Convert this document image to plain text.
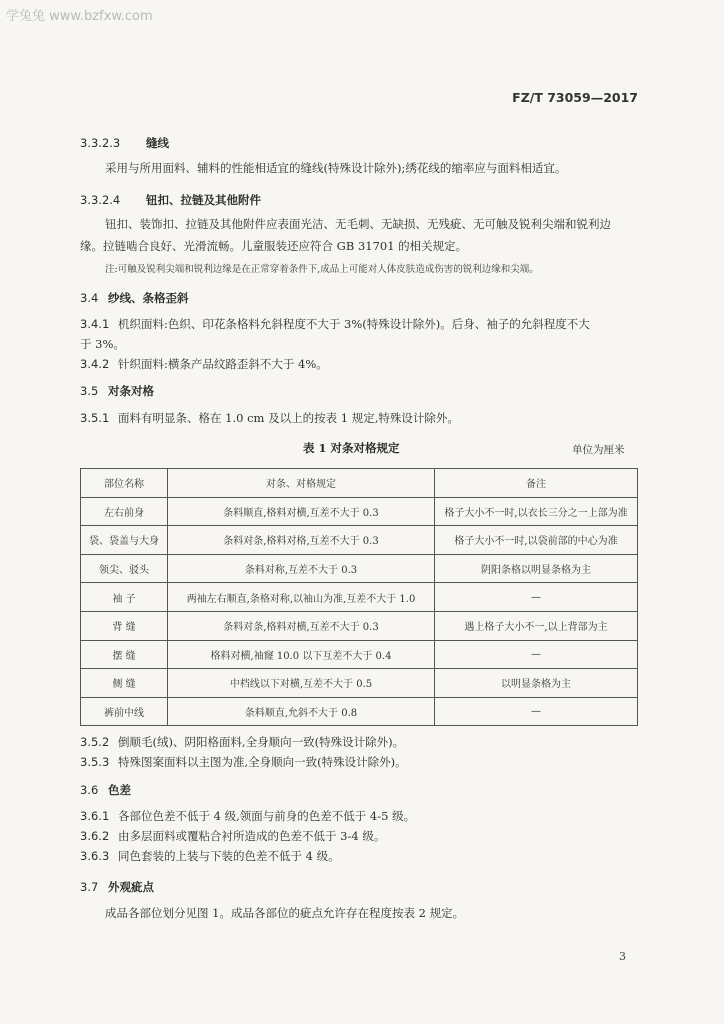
学兔兔 www.bzfxw.com
FZ/T 73059—2017
3.3.2.3 缝线
采用与所用面料、辅料的性能相适宜的缝线(特殊设计除外);绣花线的缩率应与面料相适宜。
3.3.2.4 钮扣、拉链及其他附件
钮扣、装饰扣、拉链及其他附件应表面光洁、无毛刺、无缺损、无残疵、无可触及锐利尖端和锐利边
缘。拉链啮合良好、光滑流畅。儿童服装还应符合 GB 31701 的相关规定。
注:可触及锐利尖端和锐利边缘是在正常穿着条件下,成品上可能对人体皮肤造成伤害的锐利边缘和尖端。
3.4 纱线、条格歪斜
3.4.1 机织面料:色织、印花条格料允斜程度不大于 3%(特殊设计除外)。后身、袖子的允斜程度不大
于 3%。
3.4.2 针织面料:横条产品纹路歪斜不大于 4%。
3.5 对条对格
3.5.1 面料有明显条、格在 1.0 cm 及以上的按表 1 规定,特殊设计除外。
表 1 对条对格规定	单位为厘米
部位名称	对条、对格规定	备注
左右前身	条料顺直,格料对横,互差不大于 0.3	格子大小不一时,以衣长三分之一上部为准
袋、袋盖与大身	条料对条,格料对格,互差不大于 0.3	格子大小不一时,以袋前部的中心为准
领尖、驳头	条料对称,互差不大于 0.3	阴阳条格以明显条格为主
袖 子	两袖左右顺直,条格对称,以袖山为准,互差不大于 1.0	—
背 缝	条料对条,格料对横,互差不大于 0.3	遇上格子大小不一,以上背部为主
摆 缝	格料对横,袖窿 10.0 以下互差不大于 0.4	—
侧 缝	中档线以下对横,互差不大于 0.5	以明显条格为主
裤前中线	条料顺直,允斜不大于 0.8	—
3.5.2 倒顺毛(绒)、阴阳格面料,全身顺向一致(特殊设计除外)。
3.5.3 特殊图案面料以主图为准,全身顺向一致(特殊设计除外)。
3.6 色差
3.6.1 各部位色差不低于 4 级,领面与前身的色差不低于 4-5 级。
3.6.2 由多层面料或覆粘合衬所造成的色差不低于 3-4 级。
3.6.3 同色套装的上装与下装的色差不低于 4 级。
3.7 外观疵点
成品各部位划分见图 1。成品各部位的疵点允许存在程度按表 2 规定。
3
